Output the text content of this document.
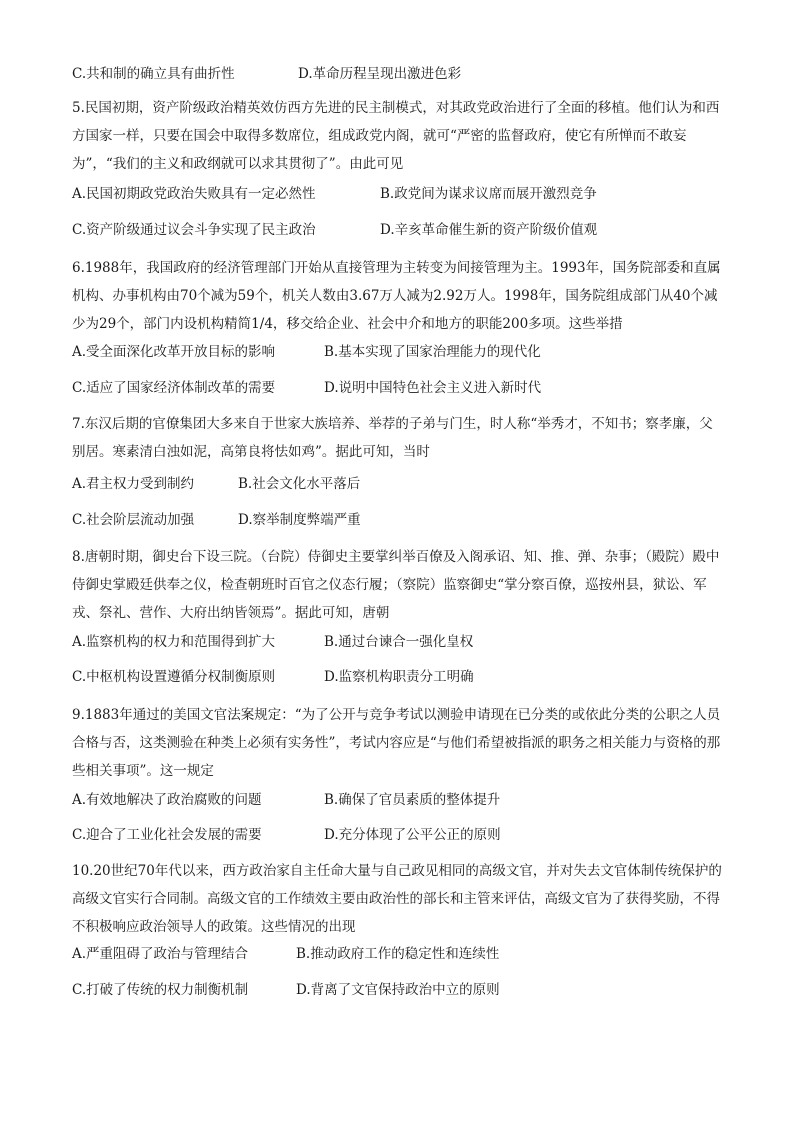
C.共和制的确立具有曲折性	D.革命历程呈现出激进色彩

5.民国初期，资产阶级政治精英效仿西方先进的民主制模式，对其政党政治进行了全面的移植。他们认为和西方国家一样，只要在国会中取得多数席位，组成政党内阁，就可“严密的监督政府，使它有所惮而不敢妄为”，“我们的主义和政纲就可以求其贯彻了”。由此可见

A.民国初期政党政治失败具有一定必然性	B.政党间为谋求议席而展开激烈竞争
C.资产阶级通过议会斗争实现了民主政治	D.辛亥革命催生新的资产阶级价值观

6.1988年，我国政府的经济管理部门开始从直接管理为主转变为间接管理为主。1993年，国务院部委和直属机构、办事机构由70个减为59个，机关人数由3.67万人减为2.92万人。1998年，国务院组成部门从40个减少为29个，部门内设机构精简1/4，移交给企业、社会中介和地方的职能200多项。这些举措

A.受全面深化改革开放目标的影响	B.基本实现了国家治理能力的现代化
C.适应了国家经济体制改革的需要	D.说明中国特色社会主义进入新时代

7.东汉后期的官僚集团大多来自于世家大族培养、举荐的子弟与门生，时人称“举秀才，不知书；察孝廉，父别居。寒素清白浊如泥，高第良将怯如鸡”。据此可知，当时

A.君主权力受到制约	B.社会文化水平落后
C.社会阶层流动加强	D.察举制度弊端严重

8.唐朝时期，御史台下设三院。（台院）侍御史主要掌纠举百僚及入阁承诏、知、推、弹、杂事；（殿院）殿中侍御史掌殿廷供奉之仪，检查朝班时百官之仪态行履；（察院）监察御史“掌分察百僚，巡按州县，狱讼、军戎、祭礼、营作、大府出纳皆领焉”。据此可知，唐朝

A.监察机构的权力和范围得到扩大	B.通过台谏合一强化皇权
C.中枢机构设置遵循分权制衡原则	D.监察机构职责分工明确

9.1883年通过的美国文官法案规定：“为了公开与竞争考试以测验申请现在已分类的或依此分类的公职之人员合格与否，这类测验在种类上必须有实务性”，考试内容应是“与他们希望被指派的职务之相关能力与资格的那些相关事项”。这一规定

A.有效地解决了政治腐败的问题	B.确保了官员素质的整体提升
C.迎合了工业化社会发展的需要	D.充分体现了公平公正的原则

10.20世纪70年代以来，西方政治家自主任命大量与自己政见相同的高级文官，并对失去文官体制传统保护的高级文官实行合同制。高级文官的工作绩效主要由政治性的部长和主管来评估，高级文官为了获得奖励，不得不积极响应政治领导人的政策。这些情况的出现

A.严重阻碍了政治与管理结合	B.推动政府工作的稳定性和连续性
C.打破了传统的权力制衡机制	D.背离了文官保持政治中立的原则
